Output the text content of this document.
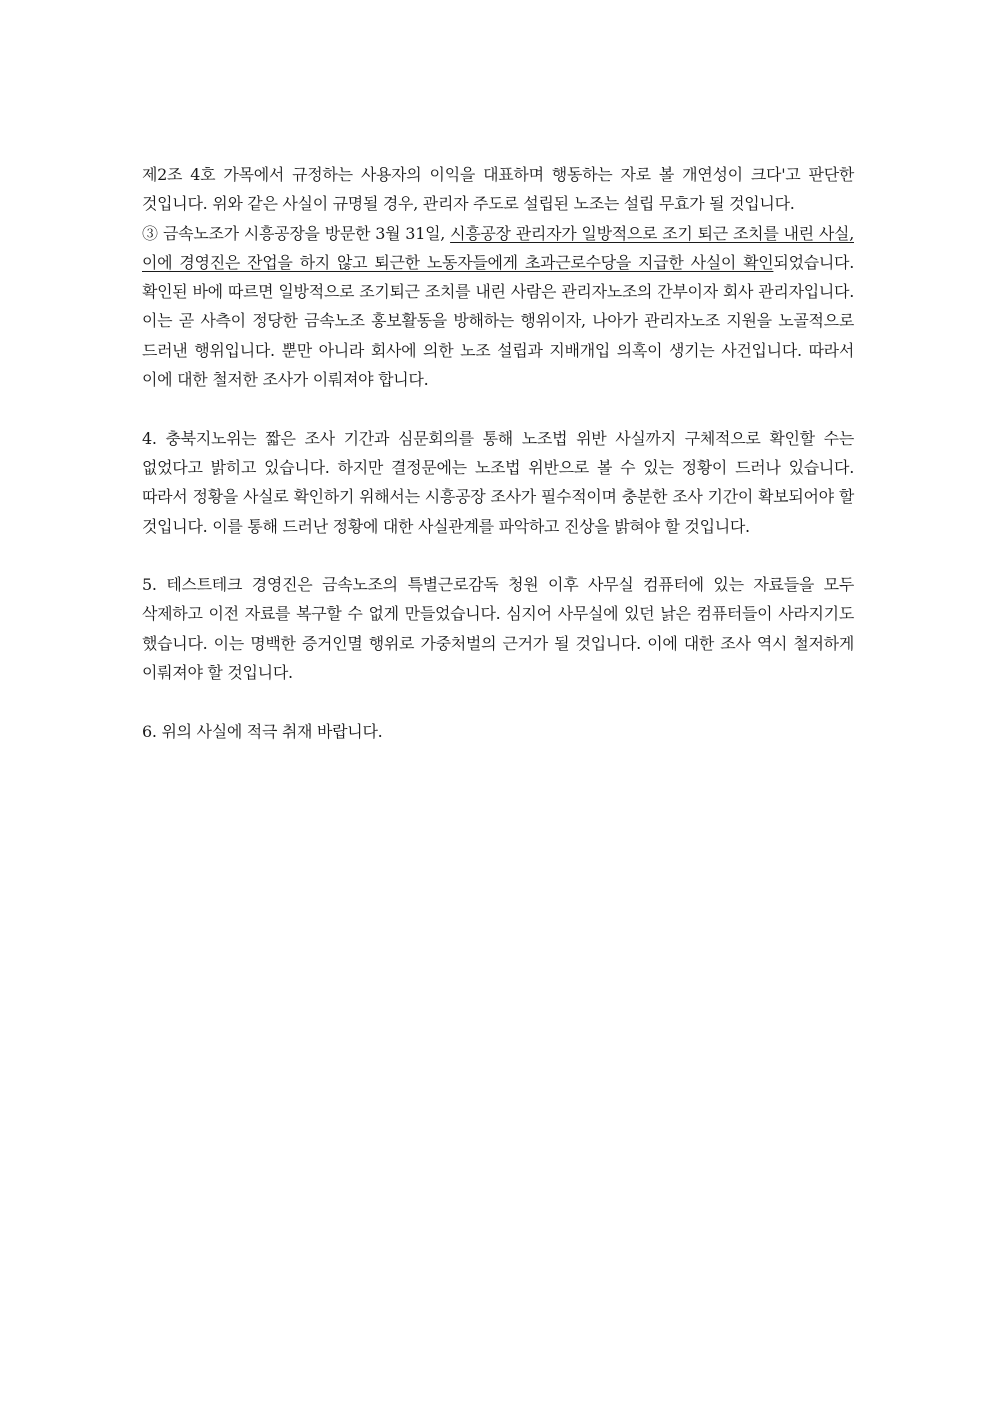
제2조 4호 가목에서 규정하는 사용자의 이익을 대표하며 행동하는 자로 볼 개연성이 크다'고 판단한 것입니다. 위와 같은 사실이 규명될 경우, 관리자 주도로 설립된 노조는 설립 무효가 될 것입니다.

③ 금속노조가 시흥공장을 방문한 3월 31일, 시흥공장 관리자가 일방적으로 조기 퇴근 조치를 내린 사실, 이에 경영진은 잔업을 하지 않고 퇴근한 노동자들에게 초과근로수당을 지급한 사실이 확인되었습니다. 확인된 바에 따르면 일방적으로 조기퇴근 조치를 내린 사람은 관리자노조의 간부이자 회사 관리자입니다. 이는 곧 사측이 정당한 금속노조 홍보활동을 방해하는 행위이자, 나아가 관리자노조 지원을 노골적으로 드러낸 행위입니다. 뿐만 아니라 회사에 의한 노조 설립과 지배개입 의혹이 생기는 사건입니다. 따라서 이에 대한 철저한 조사가 이뤄져야 합니다.

4. 충북지노위는 짧은 조사 기간과 심문회의를 통해 노조법 위반 사실까지 구체적으로 확인할 수는 없었다고 밝히고 있습니다. 하지만 결정문에는 노조법 위반으로 볼 수 있는 정황이 드러나 있습니다. 따라서 정황을 사실로 확인하기 위해서는 시흥공장 조사가 필수적이며 충분한 조사 기간이 확보되어야 할 것입니다. 이를 통해 드러난 정황에 대한 사실관계를 파악하고 진상을 밝혀야 할 것입니다.

5. 테스트테크 경영진은 금속노조의 특별근로감독 청원 이후 사무실 컴퓨터에 있는 자료들을 모두 삭제하고 이전 자료를 복구할 수 없게 만들었습니다. 심지어 사무실에 있던 낡은 컴퓨터들이 사라지기도 했습니다. 이는 명백한 증거인멸 행위로 가중처벌의 근거가 될 것입니다. 이에 대한 조사 역시 철저하게 이뤄져야 할 것입니다.

6. 위의 사실에 적극 취재 바랍니다.
